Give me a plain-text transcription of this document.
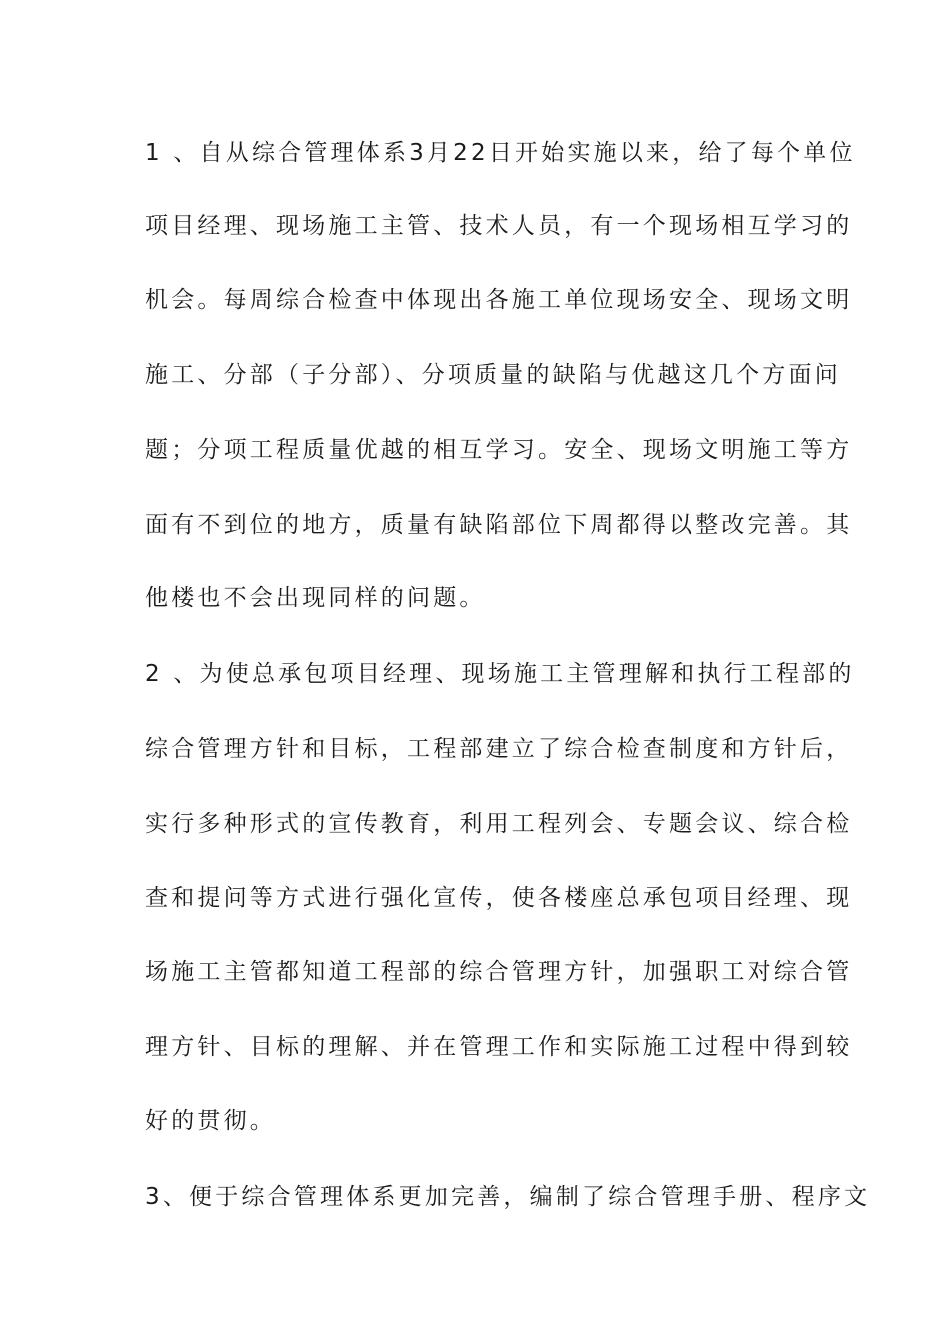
1 、自从综合管理体系3月22日开始实施以来，给了每个单位
项目经理、现场施工主管、技术人员，有一个现场相互学习的
机会。每周综合检查中体现出各施工单位现场安全、现场文明
施工、分部（子分部）、分项质量的缺陷与优越这几个方面问
题；分项工程质量优越的相互学习。安全、现场文明施工等方
面有不到位的地方，质量有缺陷部位下周都得以整改完善。其
他楼也不会出现同样的问题。
2 、为使总承包项目经理、现场施工主管理解和执行工程部的
综合管理方针和目标，工程部建立了综合检查制度和方针后，
实行多种形式的宣传教育，利用工程列会、专题会议、综合检
查和提问等方式进行强化宣传，使各楼座总承包项目经理、现
场施工主管都知道工程部的综合管理方针，加强职工对综合管
理方针、目标的理解、并在管理工作和实际施工过程中得到较
好的贯彻。
3、便于综合管理体系更加完善，编制了综合管理手册、程序文
